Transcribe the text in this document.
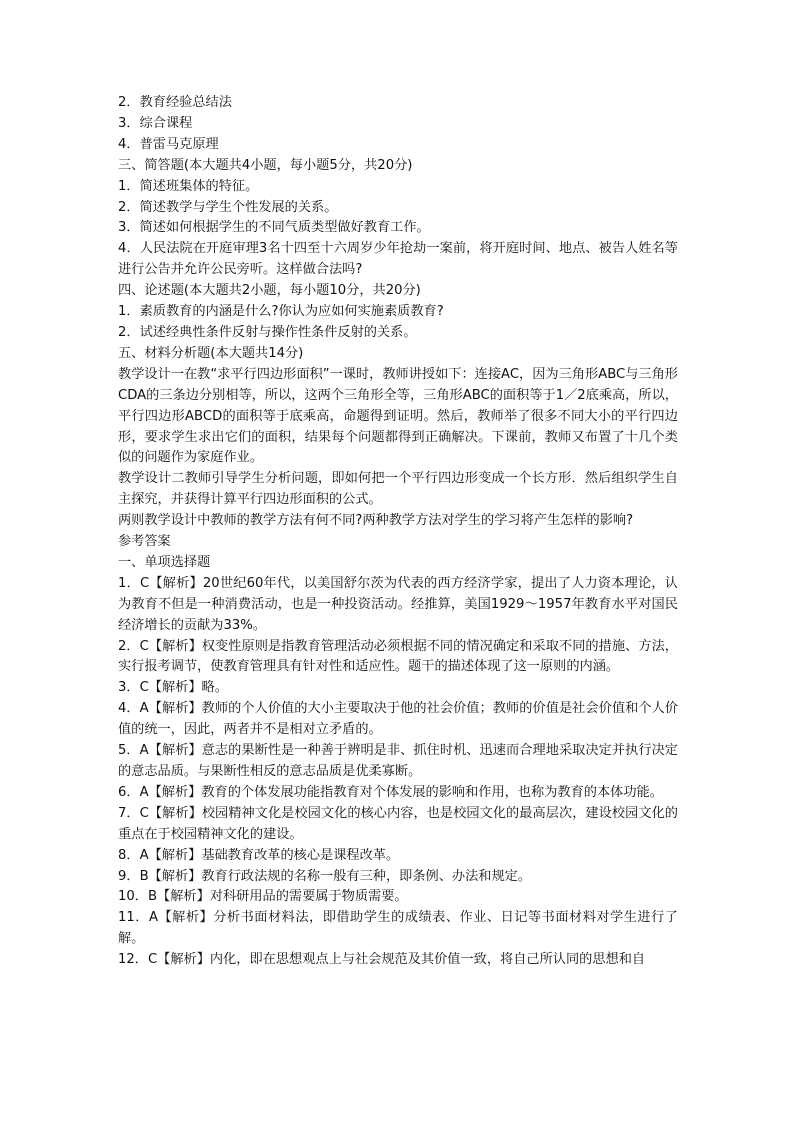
2．教育经验总结法
3．综合课程
4．普雷马克原理
三、简答题(本大题共4小题，每小题5分，共20分)
1．简述班集体的特征。
2．简述教学与学生个性发展的关系。
3．简述如何根据学生的不同气质类型做好教育工作。
4．人民法院在开庭审理3名十四至十六周岁少年抢劫一案前，将开庭时间、地点、被告人姓名等进行公告并允许公民旁听。这样做合法吗?
四、论述题(本大题共2小题，每小题10分，共20分)
1．素质教育的内涵是什么?你认为应如何实施素质教育?
2．试述经典性条件反射与操作性条件反射的关系。
五、材料分析题(本大题共14分)
教学设计一在教“求平行四边形面积”一课时，教师讲授如下：连接AC，因为三角形ABC与三角形CDA的三条边分别相等，所以，这两个三角形全等，三角形ABC的面积等于1／2底乘高，所以，平行四边形ABCD的面积等于底乘高，命题得到证明。然后，教师举了很多不同大小的平行四边形，要求学生求出它们的面积，结果每个问题都得到正确解决。下课前，教师又布置了十几个类似的问题作为家庭作业。
教学设计二教师引导学生分析问题，即如何把一个平行四边形变成一个长方形．然后组织学生自主探究，并获得计算平行四边形面积的公式。
两则教学设计中教师的教学方法有何不同?两种教学方法对学生的学习将产生怎样的影响?
参考答案
一、单项选择题
1．C【解析】20世纪60年代，以美国舒尔茨为代表的西方经济学家，提出了人力资本理论，认为教育不但是一种消费活动，也是一种投资活动。经推算，美国1929～1957年教育水平对国民经济增长的贡献为33%。
2．C【解析】权变性原则是指教育管理活动必须根据不同的情况确定和采取不同的措施、方法，实行报考调节，使教育管理具有针对性和适应性。题干的描述体现了这一原则的内涵。
3．C【解析】略。
4．A【解析】教师的个人价值的大小主要取决于他的社会价值；教师的价值是社会价值和个人价值的统一，因此，两者并不是相对立矛盾的。
5．A【解析】意志的果断性是一种善于辨明是非、抓住时机、迅速而合理地采取决定并执行决定的意志品质。与果断性相反的意志品质是优柔寡断。
6．A【解析】教育的个体发展功能指教育对个体发展的影响和作用，也称为教育的本体功能。
7．C【解析】校园精神文化是校园文化的核心内容，也是校园文化的最高层次，建设校园文化的重点在于校园精神文化的建设。
8．A【解析】基础教育改革的核心是课程改革。
9．B【解析】教育行政法规的名称一般有三种，即条例、办法和规定。
10．B【解析】对科研用品的需要属于物质需要。
11．A【解析】分析书面材料法，即借助学生的成绩表、作业、日记等书面材料对学生进行了解。
12．C【解析】内化，即在思想观点上与社会规范及其价值一致，将自己所认同的思想和自
